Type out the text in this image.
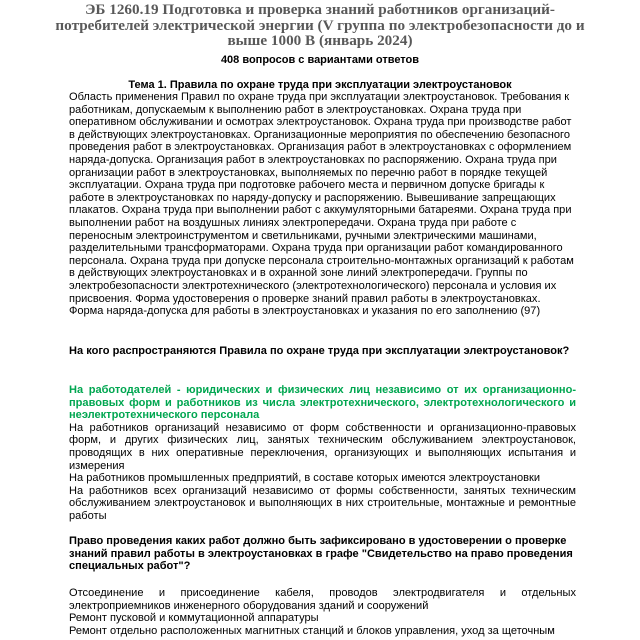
ЭБ 1260.19 Подготовка и проверка знаний работников организаций-потребителей электрической энергии (V группа по электробезопасности до и выше 1000 В (январь 2024)
408 вопросов с вариантами ответов
Тема 1. Правила по охране труда при эксплуатации электроустановок
Область применения Правил по охране труда при эксплуатации электроустановок. Требования к работникам, допускаемым к выполнению работ в электроустановках. Охрана труда при оперативном обслуживании и осмотрах электроустановок. Охрана труда при производстве работ в действующих электроустановках. Организационные мероприятия по обеспечению безопасного проведения работ в электроустановках. Организация работ в электроустановках с оформлением наряда-допуска. Организация работ в электроустановках по распоряжению. Охрана труда при организации работ в электроустановках, выполняемых по перечню работ в порядке текущей эксплуатации. Охрана труда при подготовке рабочего места и первичном допуске бригады к работе в электроустановках по наряду-допуску и распоряжению. Вывешивание запрещающих плакатов. Охрана труда при выполнении работ с аккумуляторными батареями. Охрана труда при выполнении работ на воздушных линиях электропередачи. Охрана труда при работе с переносным электроинструментом и светильниками, ручными электрическими машинами, разделительными трансформаторами. Охрана труда при организации работ командированного персонала. Охрана труда при допуске персонала строительно-монтажных организаций к работам в действующих электроустановках и в охранной зоне линий электропередачи. Группы по электробезопасности электротехнического (электротехнологического) персонала и условия их присвоения. Форма удостоверения о проверке знаний правил работы в электроустановках. Форма наряда-допуска для работы в электроустановках и указания по его заполнению (97)
На кого распространяются Правила по охране труда при эксплуатации электроустановок?

На работодателей - юридических и физических лиц независимо от их организационно-правовых форм и работников из числа электротехнического, электротехнологического и неэлектротехнического персонала

На работников организаций независимо от форм собственности и организационно-правовых форм, и других физических лиц, занятых техническим обслуживанием электроустановок, проводящих в них оперативные переключения, организующих и выполняющих испытания и измерения

На работников промышленных предприятий, в составе которых имеются электроустановки

На работников всех организаций независимо от формы собственности, занятых техническим обслуживанием электроустановок и выполняющих в них строительные, монтажные и ремонтные работы

Право проведения каких работ должно быть зафиксировано в удостоверении о проверке знаний правил работы в электроустановках в графе "Свидетельство на право проведения специальных работ"?

Отсоединение и присоединение кабеля, проводов электродвигателя и отдельных электроприемников инженерного оборудования зданий и сооружений

Ремонт пусковой и коммутационной аппаратуры

Ремонт отдельно расположенных магнитных станций и блоков управления, уход за щеточным
